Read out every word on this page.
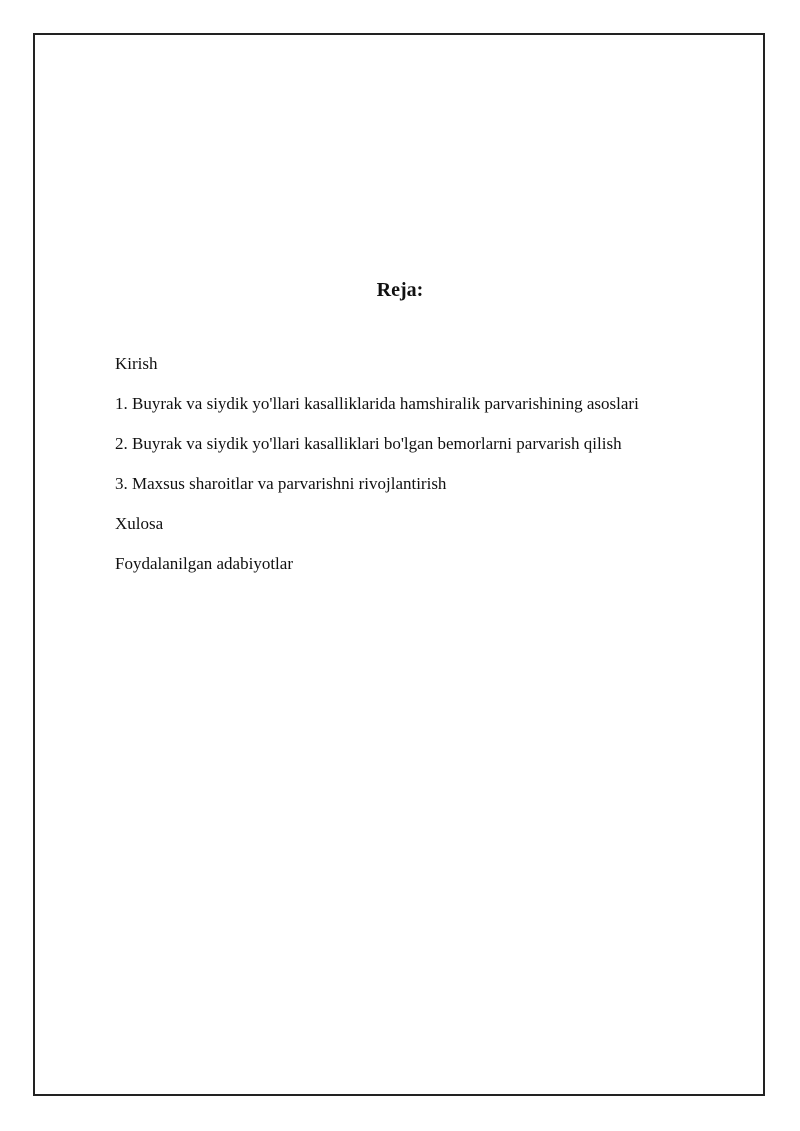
Reja:
Kirish
1. Buyrak va siydik yo'llari kasalliklarida hamshiralik parvarishining asoslari
2. Buyrak va siydik yo'llari kasalliklari bo'lgan bemorlarni parvarish qilish
3. Maxsus sharoitlar va parvarishni rivojlantirish
Xulosa
Foydalanilgan adabiyotlar
